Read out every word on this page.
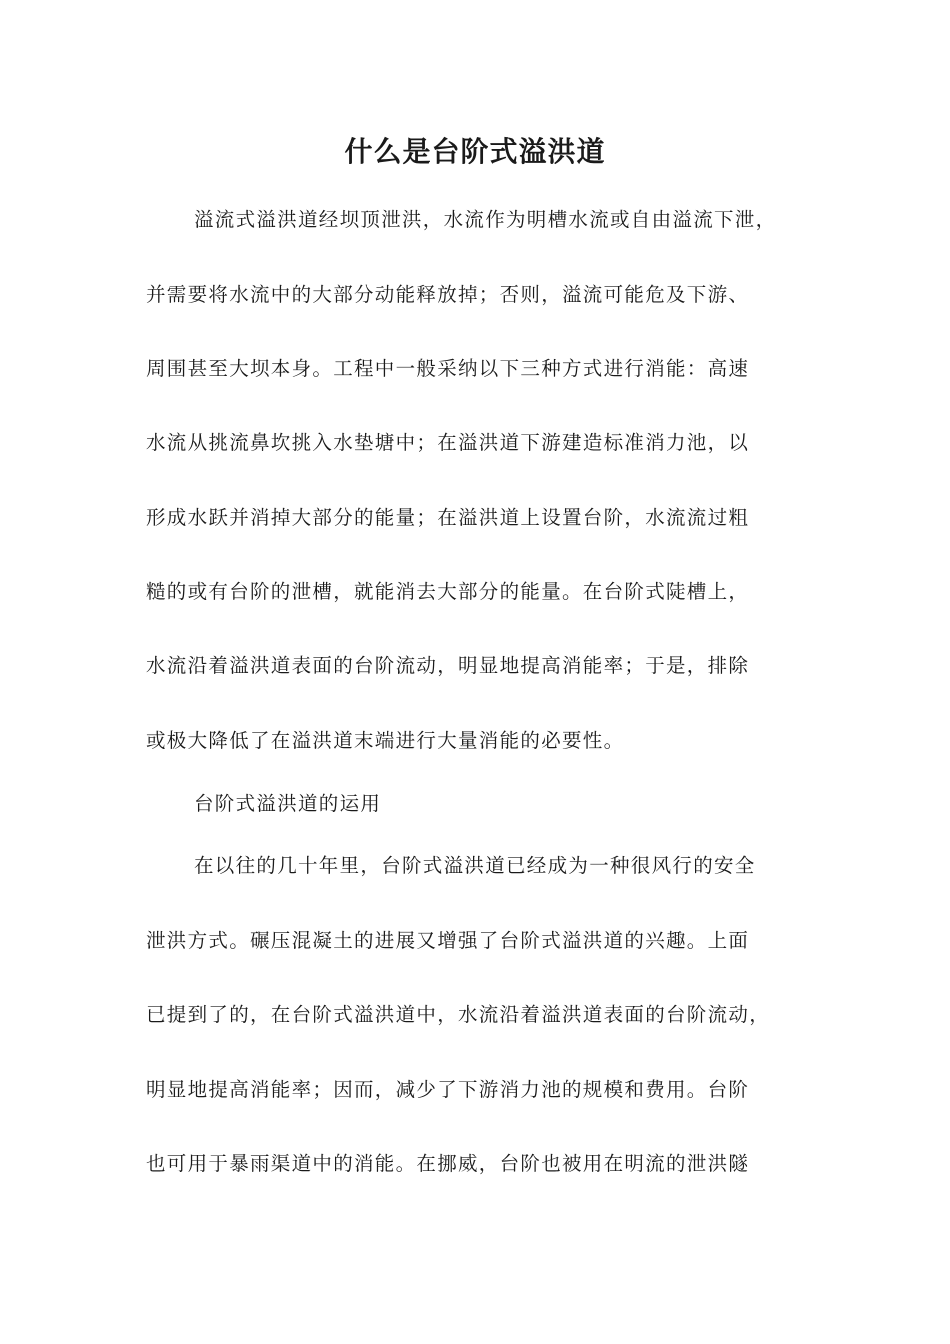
什么是台阶式溢洪道
溢流式溢洪道经坝顶泄洪，水流作为明槽水流或自由溢流下泄，
并需要将水流中的大部分动能释放掉；否则，溢流可能危及下游、
周围甚至大坝本身。工程中一般采纳以下三种方式进行消能：高速
水流从挑流鼻坎挑入水垫塘中；在溢洪道下游建造标准消力池，以
形成水跃并消掉大部分的能量；在溢洪道上设置台阶，水流流过粗
糙的或有台阶的泄槽，就能消去大部分的能量。在台阶式陡槽上，
水流沿着溢洪道表面的台阶流动，明显地提高消能率；于是，排除
或极大降低了在溢洪道末端进行大量消能的必要性。
台阶式溢洪道的运用
在以往的几十年里，台阶式溢洪道已经成为一种很风行的安全
泄洪方式。碾压混凝土的进展又增强了台阶式溢洪道的兴趣。上面
已提到了的，在台阶式溢洪道中，水流沿着溢洪道表面的台阶流动，
明显地提高消能率；因而，减少了下游消力池的规模和费用。台阶
也可用于暴雨渠道中的消能。在挪威，台阶也被用在明流的泄洪隧
